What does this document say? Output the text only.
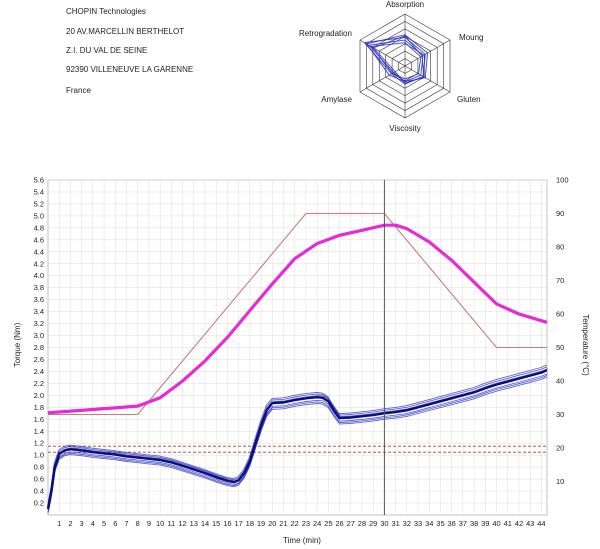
CHOPIN Technologies
20 AV.MARCELLIN BERTHELOT
Z.I. DU VAL DE SEINE
92390 VILLENEUVE LA GARENNE
France
Absorption
Moung
Gluten
Viscosity
Amylase
Retrogradation
0.2
0.4
0.6
0.8
1.0
1.2
1.4
1.6
1.8
2.0
2.2
2.4
2.6
2.8
3.0
3.2
3.4
3.6
3.8
4.0
4.2
4.4
4.6
4.8
5.0
5.2
5.4
5.6
10
20
30
40
50
60
70
80
90
100
1 2 3 4 5 6 7 8 9 10 11 12 13 14 15 16 17 18 19 20 21 22 23 24 25 26 27 28 29 30 31 32 33 34 35 36 37 38 39 40 41 42 43 44
Time (min)
Torque (Nm)	Temperature (°C)
